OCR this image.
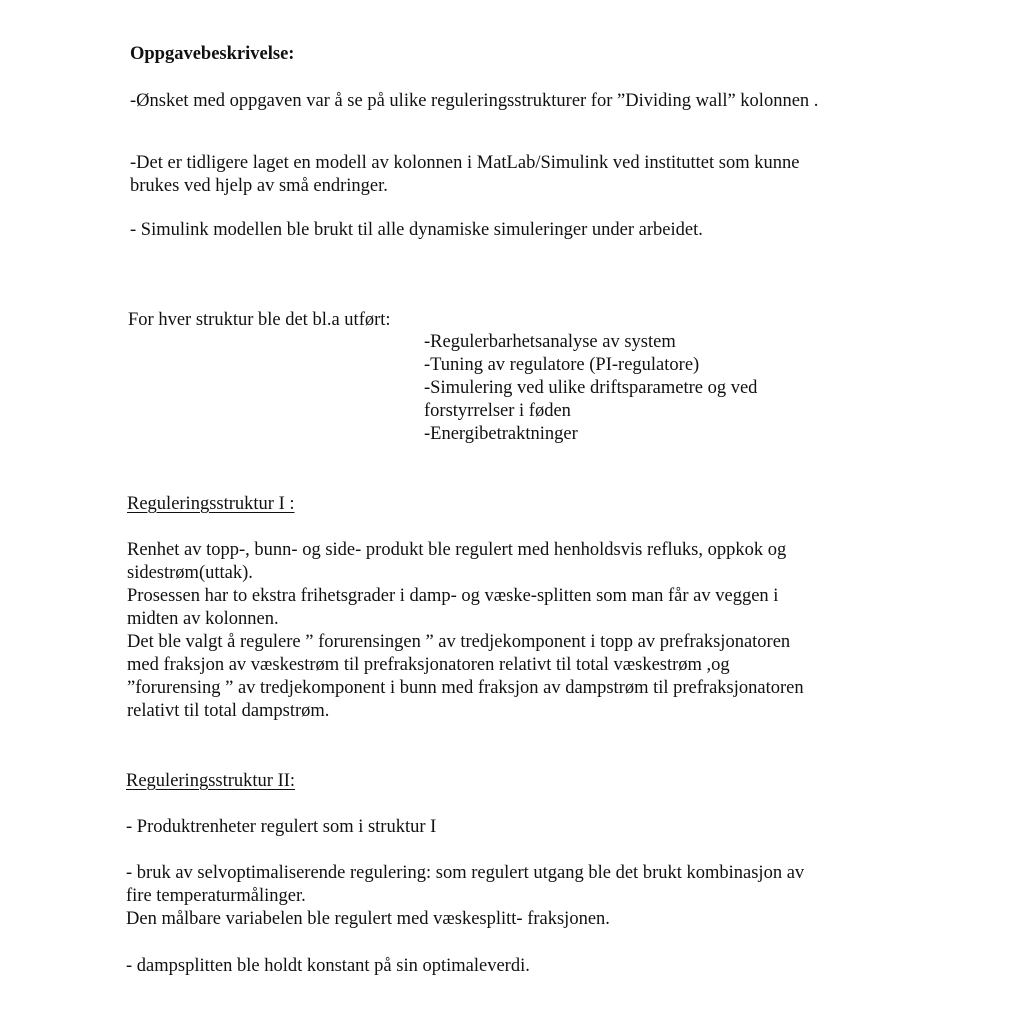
Oppgavebeskrivelse:
-Ønsket med oppgaven var å se på ulike reguleringsstrukturer for ”Dividing wall” kolonnen .
-Det er tidligere laget en modell av kolonnen i MatLab/Simulink ved instituttet som kunne
brukes ved hjelp av små endringer.
- Simulink modellen ble brukt til alle dynamiske simuleringer under arbeidet.
For hver struktur ble det bl.a utført:
-Regulerbarhetsanalyse av system
-Tuning av regulatore (PI-regulatore)
-Simulering ved ulike driftsparametre og ved
forstyrrelser i føden
-Energibetraktninger
Reguleringsstruktur I :
Renhet av topp-, bunn- og side- produkt ble regulert med henholdsvis refluks, oppkok og
sidestrøm(uttak).
Prosessen har to ekstra frihetsgrader i damp- og væske-splitten som man får av veggen i
midten av kolonnen.
Det ble valgt å regulere ” forurensingen ” av tredjekomponent i topp av prefraksjonatoren
med fraksjon av væskestrøm til prefraksjonatoren relativt til total væskestrøm ,og
”forurensing ” av tredjekomponent i bunn med fraksjon av dampstrøm til prefraksjonatoren
relativt til total dampstrøm.
Reguleringsstruktur II:
- Produktrenheter regulert som i struktur I
- bruk av selvoptimaliserende regulering: som regulert utgang ble det brukt kombinasjon av
fire temperaturmålinger.
Den målbare variabelen ble regulert med væskesplitt- fraksjonen.
- dampsplitten ble holdt konstant på sin optimaleverdi.
